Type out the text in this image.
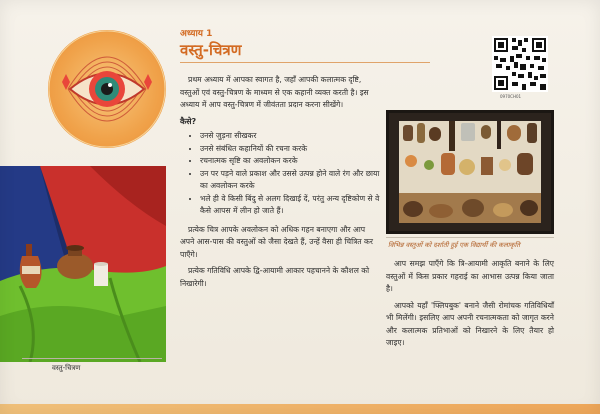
वस्तु-चित्रण
अध्याय 1
वस्तु-चित्रण

प्रथम अध्याय में आपका स्वागत है, जहाँ आपकी कलात्मक दृष्टि, वस्तुओं एवं वस्तु-चित्रण के माध्यम से एक कहानी व्यक्त करती है। इस अध्याय में आप वस्तु-चित्रण में जीवंतता प्रदान करना सीखेंगे।

कैसे?
• उनसे जुड़ना सीखकर
• उनसे संबंधित कहानियों की रचना करके
• रचनात्मक सृष्टि का अवलोकन करके
• उन पर पड़ने वाले प्रकाश और उससे उत्पन्न होने वाले रंग और छाया का अवलोकन करके
• भले ही वे किसी बिंदु से अलग दिखाई दें, परंतु अन्य दृष्टिकोण से वे कैसे आपस में लीन हो जाते हैं।

प्रत्येक चित्र आपके अवलोकन को अधिक गहन बनाएगा और आप अपने आस-पास की वस्तुओं को जैसा देखते हैं, उन्हें वैसा ही चित्रित कर पाएँगे।

प्रत्येक गतिविधि आपके द्वि-आयामी आकार पहचानने के कौशल को निखारेगी।

0970CH01
विभिन्न वस्तुओं को दर्शाती हुई एक विद्यार्थी की कलाकृति

आप समझ पाएँगे कि त्रि-आयामी आकृति बनाने के लिए वस्तुओं में किस प्रकार गहराई का आभास उत्पन्न किया जाता है।

आपको यहाँ 'फ्लिपबुक' बनाने जैसी रोमांचक गतिविधियाँ भी मिलेंगी। इसलिए आप अपनी रचनात्मकता को जागृत करने और कलात्मक प्रतिभाओं को निखारने के लिए तैयार हो जाइए।
